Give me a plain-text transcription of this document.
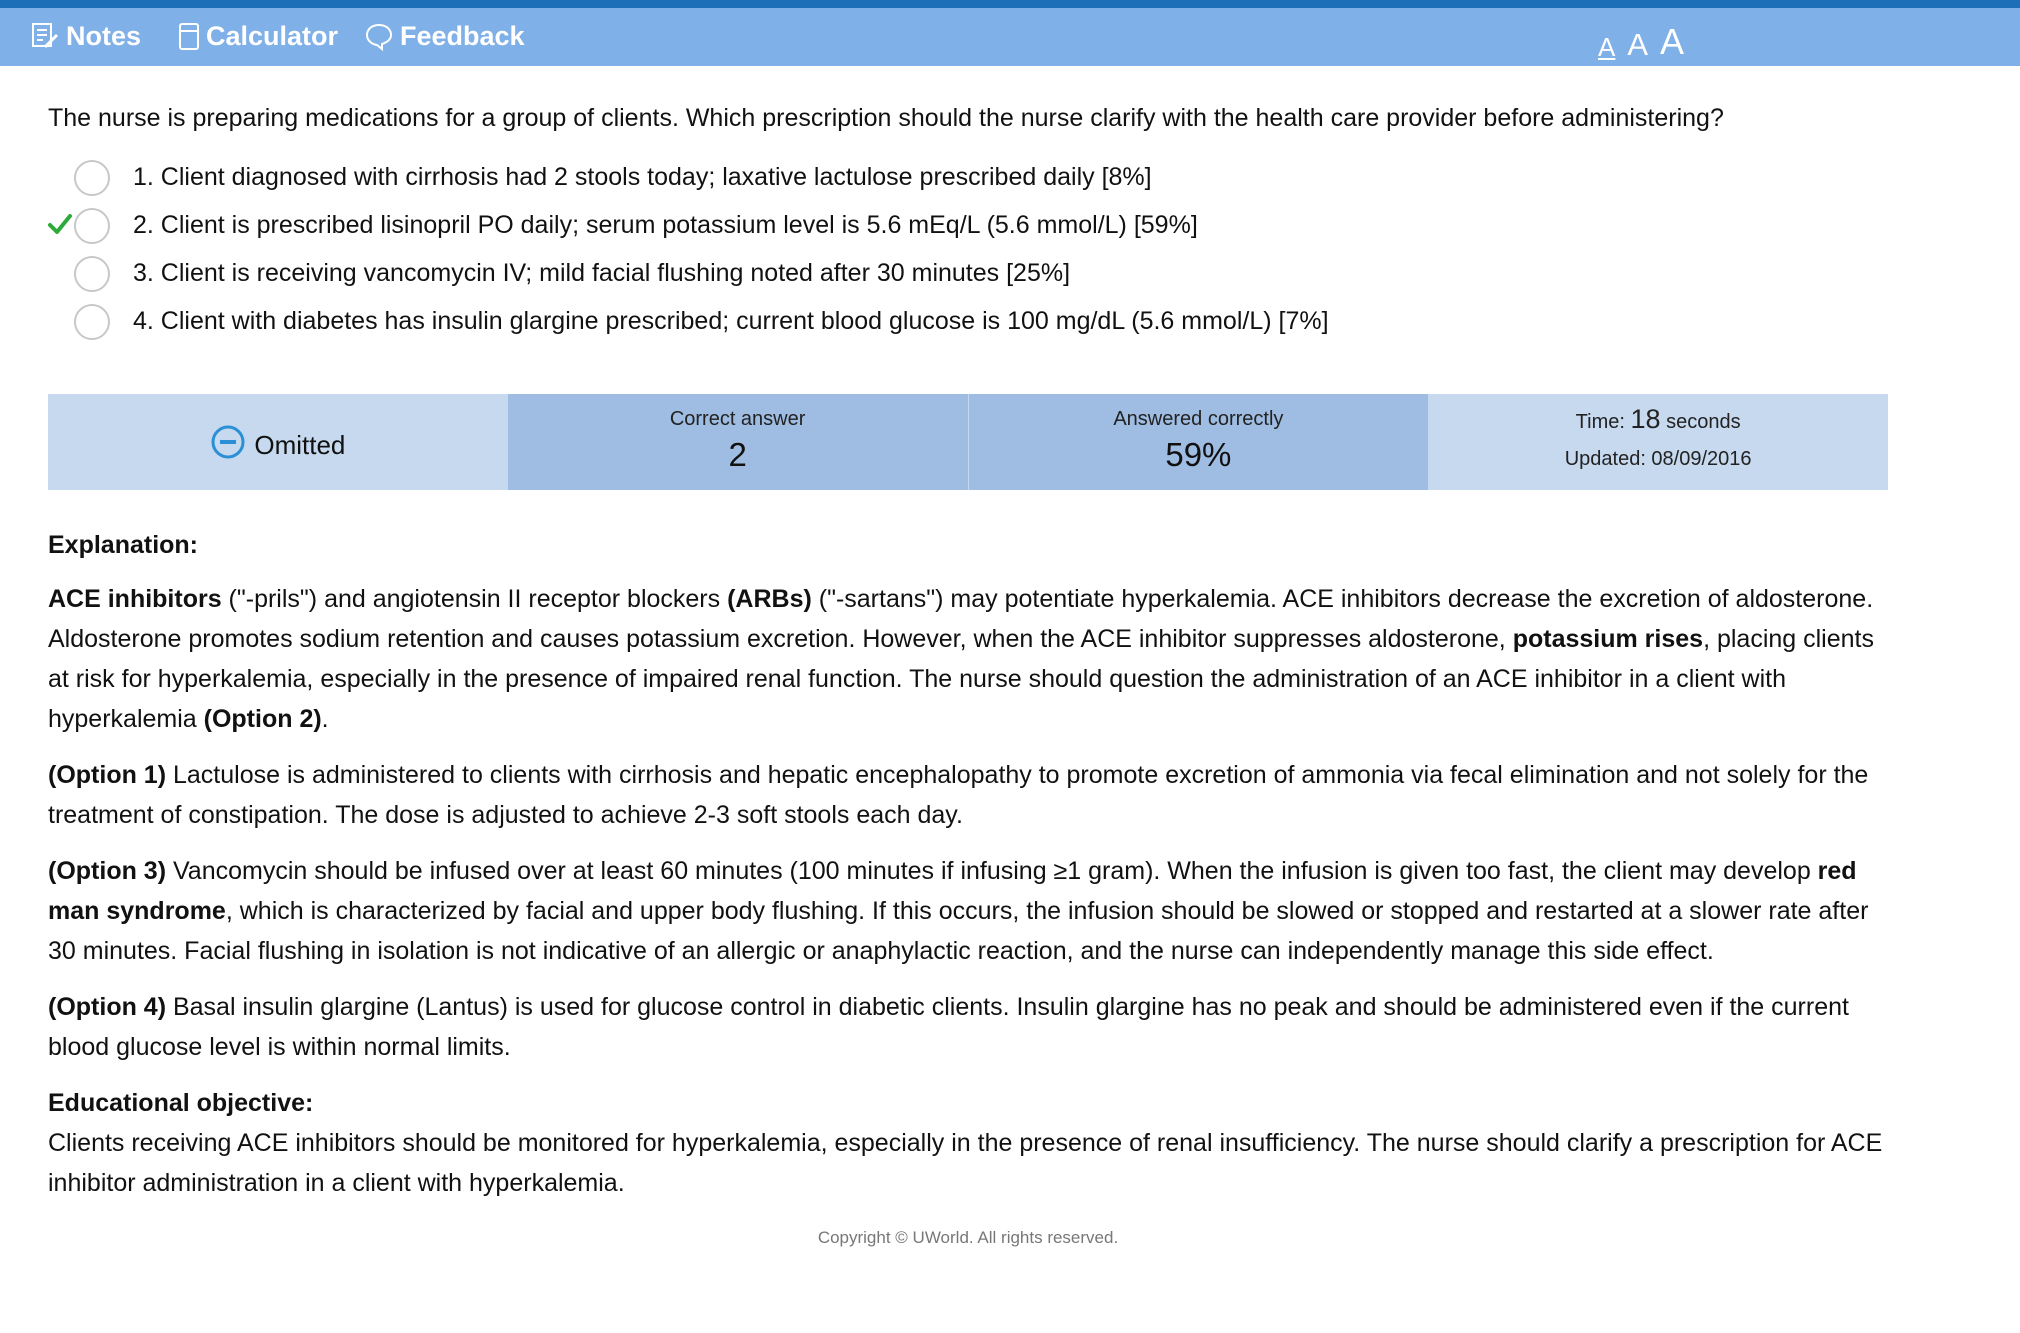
Notes Calculator Feedback	A A A
The nurse is preparing medications for a group of clients. Which prescription should the nurse clarify with the health care provider before administering?
1. Client diagnosed with cirrhosis had 2 stools today; laxative lactulose prescribed daily [8%]
2. Client is prescribed lisinopril PO daily; serum potassium level is 5.6 mEq/L (5.6 mmol/L) [59%]
3. Client is receiving vancomycin IV; mild facial flushing noted after 30 minutes [25%]
4. Client with diabetes has insulin glargine prescribed; current blood glucose is 100 mg/dL (5.6 mmol/L) [7%]
Omitted
Correct answer
2
Answered correctly
59%
Time: 18 seconds
Updated: 08/09/2016

Explanation:

ACE inhibitors ("-prils") and angiotensin II receptor blockers (ARBs) ("-sartans") may potentiate hyperkalemia. ACE inhibitors decrease the excretion of aldosterone. Aldosterone promotes sodium retention and causes potassium excretion. However, when the ACE inhibitor suppresses aldosterone, potassium rises, placing clients at risk for hyperkalemia, especially in the presence of impaired renal function. The nurse should question the administration of an ACE inhibitor in a client with hyperkalemia (Option 2).

(Option 1) Lactulose is administered to clients with cirrhosis and hepatic encephalopathy to promote excretion of ammonia via fecal elimination and not solely for the treatment of constipation. The dose is adjusted to achieve 2-3 soft stools each day.

(Option 3) Vancomycin should be infused over at least 60 minutes (100 minutes if infusing ≥1 gram). When the infusion is given too fast, the client may develop red man syndrome, which is characterized by facial and upper body flushing. If this occurs, the infusion should be slowed or stopped and restarted at a slower rate after 30 minutes. Facial flushing in isolation is not indicative of an allergic or anaphylactic reaction, and the nurse can independently manage this side effect.

(Option 4) Basal insulin glargine (Lantus) is used for glucose control in diabetic clients. Insulin glargine has no peak and should be administered even if the current blood glucose level is within normal limits.

Educational objective:

Clients receiving ACE inhibitors should be monitored for hyperkalemia, especially in the presence of renal insufficiency. The nurse should clarify a prescription for ACE inhibitor administration in a client with hyperkalemia.

Copyright © UWorld. All rights reserved.
